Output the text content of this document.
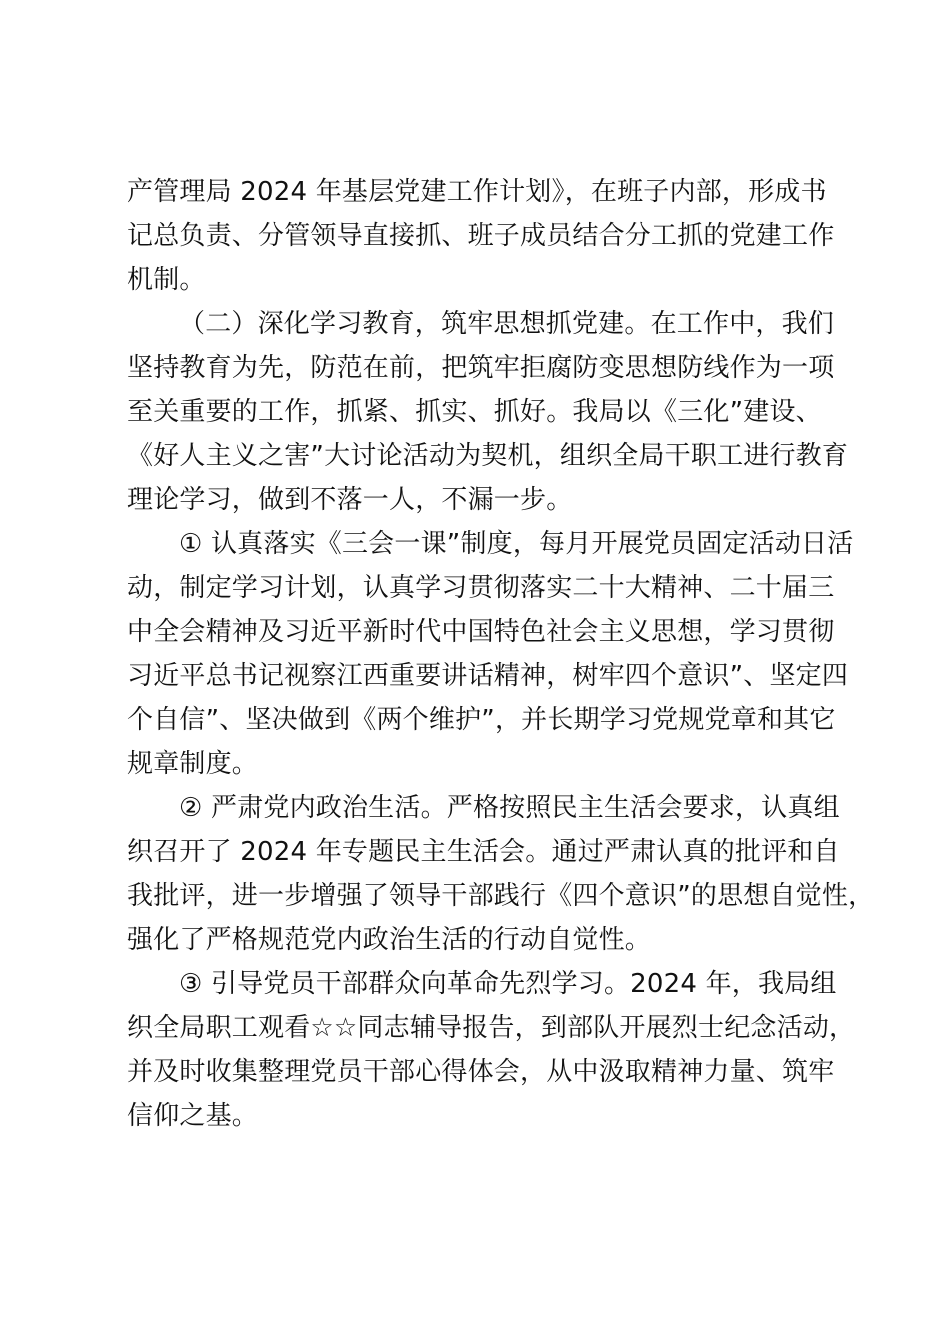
产管理局 2024 年基层党建工作计划》，在班子内部，形成书
记总负责、分管领导直接抓、班子成员结合分工抓的党建工作
机制。
（二）深化学习教育，筑牢思想抓党建。在工作中，我们
坚持教育为先，防范在前，把筑牢拒腐防变思想防线作为一项
至关重要的工作，抓紧、抓实、抓好。我局以《三化”建设、
《好人主义之害”大讨论活动为契机，组织全局干职工进行教育
理论学习，做到不落一人，不漏一步。
① 认真落实《三会一课”制度，每月开展党员固定活动日活
动，制定学习计划，认真学习贯彻落实二十大精神、二十届三
中全会精神及习近平新时代中国特色社会主义思想，学习贯彻
习近平总书记视察江西重要讲话精神，树牢四个意识”、坚定四
个自信”、坚决做到《两个维护”，并长期学习党规党章和其它
规章制度。
② 严肃党内政治生活。严格按照民主生活会要求，认真组
织召开了 2024 年专题民主生活会。通过严肃认真的批评和自
我批评，进一步增强了领导干部践行《四个意识”的思想自觉性，
强化了严格规范党内政治生活的行动自觉性。
③ 引导党员干部群众向革命先烈学习。2024 年，我局组
织全局职工观看☆☆同志辅导报告，到部队开展烈士纪念活动，
并及时收集整理党员干部心得体会，从中汲取精神力量、筑牢
信仰之基。
